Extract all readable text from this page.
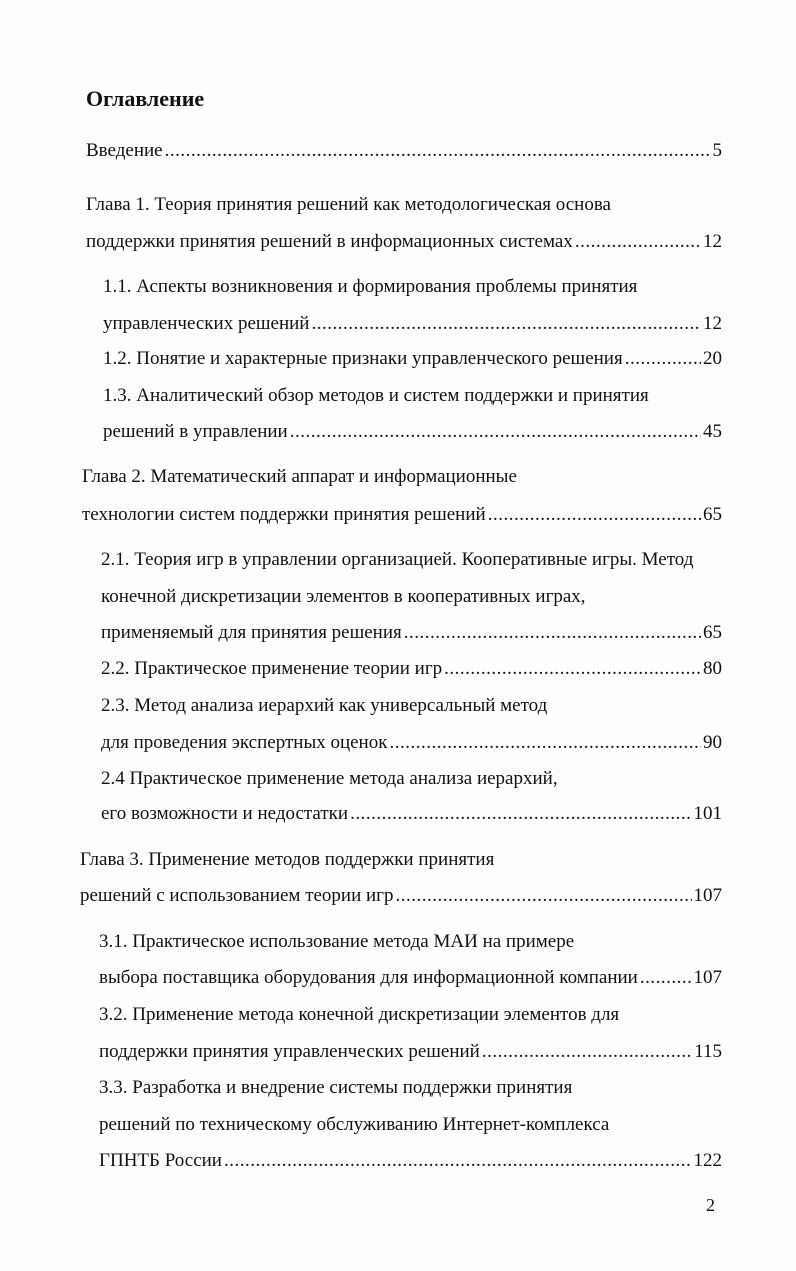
Оглавление
Введение .....	5
Глава 1. Теория принятия решений как методологическая основа
поддержки принятия решений в информационных системах .....	12
1.1. Аспекты возникновения и формирования проблемы принятия
управленческих решений .....	12
1.2. Понятие и характерные признаки управленческого решения .....	20
1.3. Аналитический обзор методов и систем поддержки и принятия
решений в управлении .....	45
Глава 2. Математический аппарат и информационные
технологии систем поддержки принятия решений .....	65
2.1. Теория игр в управлении организацией. Кооперативные игры. Метод
конечной дискретизации элементов в кооперативных играх,
применяемый для принятия решения .....	65
2.2. Практическое применение теории игр .....	80
2.3. Метод анализа иерархий как универсальный метод
для проведения экспертных оценок .....	90
2.4 Практическое применение метода анализа иерархий,
его возможности и недостатки .....	101
Глава 3. Применение методов поддержки принятия
решений с использованием теории игр .....	107
3.1. Практическое использование метода МАИ на примере
выбора поставщика оборудования для информационной компании .....	107
3.2. Применение метода конечной дискретизации элементов для
поддержки принятия управленческих решений .....	115
3.3. Разработка и внедрение системы поддержки принятия
решений по техническому обслуживанию Интернет-комплекса
ГПНТБ России .....	122
2
